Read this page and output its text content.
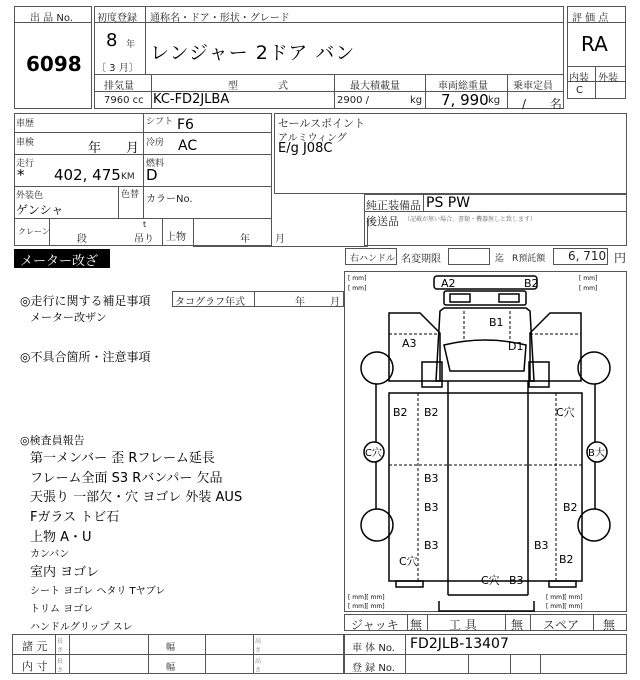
出 品 No.
6098
初度登録 通称名・ドア・形状・グレード
8 年
〔 3 月〕
レンジャー 2ドア バン
排気量	型	式	最大積載量	車両総重量	乗車定員
7960 cc KC-FD2JLBA	2900 /	kg 7, 990 kg / 名
評 価 点
RA
内装 外装
C
車歴	シフト F6
車検	年 月 冷房 AC
走行
* 402, 475 KM
燃料
D
外装色
ゲンシャ
色替 カラーNo.
クレーン
段
t
吊り 上物	年	月
セールスポイント
アルミウィング
E/g J08C
純正装備品 PS PW
後送品 （記載が無い場合、書類・機器無しと致します）
右ハンドル 名変期限	迄 R預託額 6, 710 円
メーター改ざん車
◎走行に関する補足事項 タコグラフ年式	年	月
メーター改ザン
◎不具合箇所・注意事項
◎検査員報告
第一メンバー 歪 Rフレーム延長
フレーム全面 S3 Rバンパー 欠品
天張り 一部欠・穴 ヨゴレ 外装 AUS
Fガラス トビ石
上物 A・U
カンバン
室内 ヨゴレ
シート ヨゴレ ヘタリ Tヤブレ
トリム ヨゴレ
ハンドルグリップ スレ
A2	B2
B1
A3	D1
B2 B2	C穴
C穴	B大
B3
B3	B2
B3	B3
C穴	B2
C穴 B3
[ mm]
[ mm]
[ mm]
[ mm]
[ mm][ mm]
[ mm][ mm]
[ mm][ mm]
[ mm][ mm]
ジャッキ 無 工 具	無 スペア 無
諸 元
内 寸
長さ
長さ
幅
幅
高さ
高さ
車 体 No. FD2JLB-13407
登 録 No.
